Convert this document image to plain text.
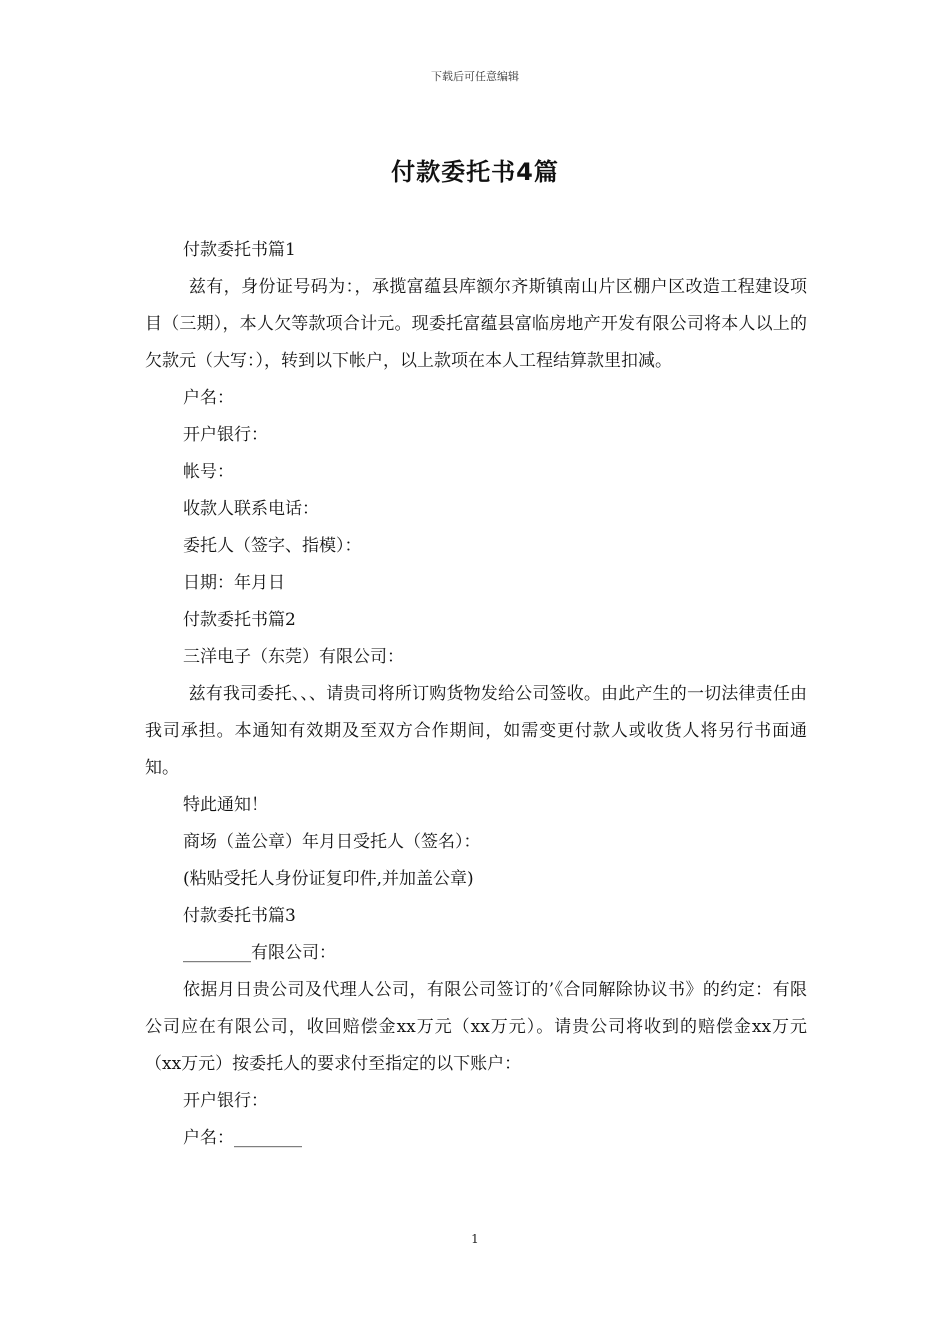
下载后可任意编辑
付款委托书4篇

付款委托书篇1

兹有，身份证号码为：，承揽富蕴县库额尔齐斯镇南山片区棚户区改造工程建设项目（三期），本人欠等款项合计元。现委托富蕴县富临房地产开发有限公司将本人以上的欠款元（大写：），转到以下帐户，以上款项在本人工程结算款里扣减。

户名：

开户银行：

帐号：

收款人联系电话：

委托人（签字、指模）：

日期：年月日

付款委托书篇2

三洋电子（东莞）有限公司：

兹有我司委托、、、请贵司将所订购货物发给公司签收。由此产生的一切法律责任由我司承担。本通知有效期及至双方合作期间，如需变更付款人或收货人将另行书面通知。

特此通知！

商场（盖公章）年月日受托人（签名）：

(粘贴受托人身份证复印件,并加盖公章)

付款委托书篇3

________有限公司：

依据月日贵公司及代理人公司，有限公司签订的’《合同解除协议书》的约定：有限公司应在有限公司，收回赔偿金xx万元（xx万元）。请贵公司将收到的赔偿金xx万元（xx万元）按委托人的要求付至指定的以下账户：

开户银行：

户名：________

1
